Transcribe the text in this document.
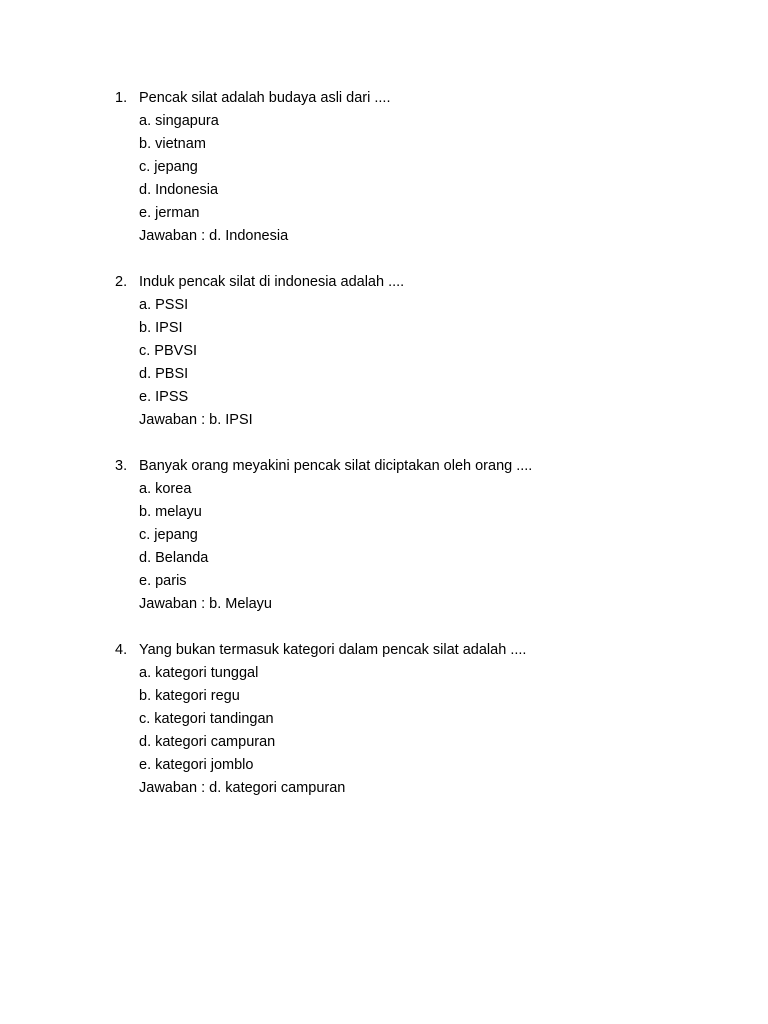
1. Pencak silat adalah budaya asli dari ....
a. singapura
b. vietnam
c. jepang
d. Indonesia
e. jerman
Jawaban : d. Indonesia
2. Induk pencak silat di indonesia adalah ....
a. PSSI
b. IPSI
c. PBVSI
d. PBSI
e. IPSS
Jawaban : b. IPSI
3. Banyak orang meyakini pencak silat diciptakan oleh orang ....
a. korea
b. melayu
c. jepang
d. Belanda
e. paris
Jawaban : b. Melayu
4. Yang bukan termasuk kategori dalam pencak silat adalah ....
a. kategori tunggal
b. kategori regu
c. kategori tandingan
d. kategori campuran
e. kategori jomblo
Jawaban : d. kategori campuran
